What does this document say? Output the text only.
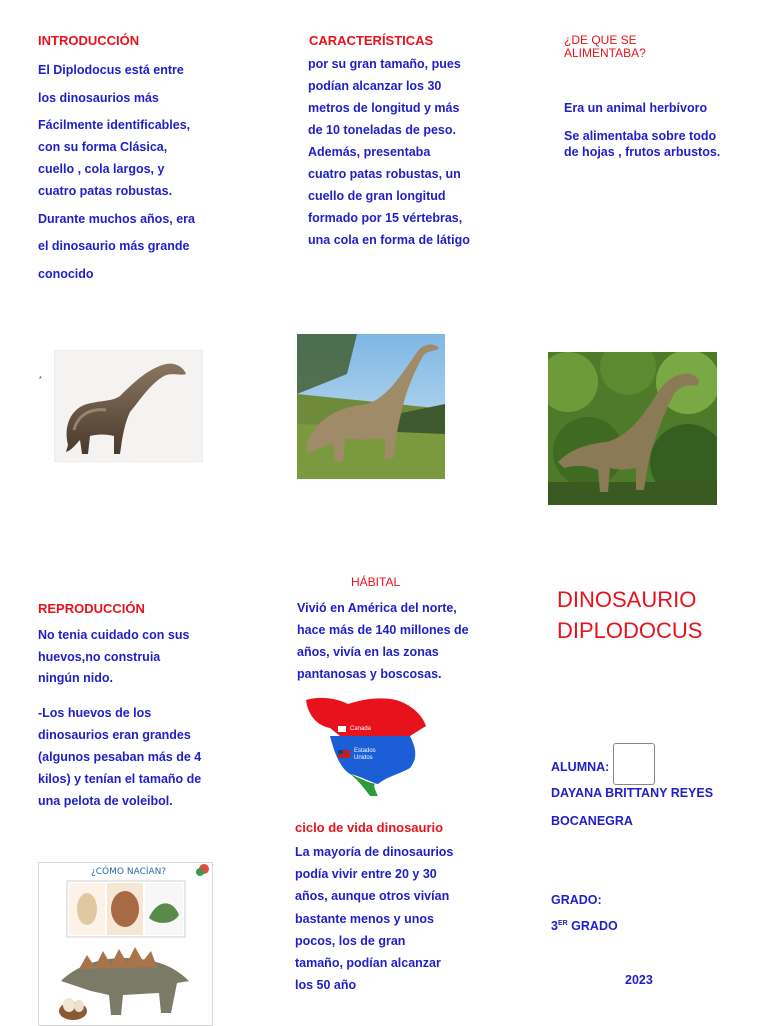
INTRODUCCIÓN
El Diplodocus está entre
los dinosaurios más
Fácilmente identificables,
con su forma Clásica,
cuello , cola largos, y
cuatro patas robustas.
Durante muchos años, era
el dinosaurio más grande
conocido
*
CARACTERÍSTICAS
por su gran tamaño, pues
podían alcanzar los 30
metros de longitud y más
de 10 toneladas de peso.
Además, presentaba
cuatro patas robustas, un
cuello de gran longitud
formado por 15 vértebras,
una cola en forma de látigo
¿DE QUE SE
ALIMENTABA?
Era un animal herbívoro
Se alimentaba sobre todo
de hojas , frutos arbustos.
REPRODUCCIÓN
No tenia cuidado con sus
huevos,no construia
ningún nido.
-Los huevos de los
dinosaurios eran grandes
(algunos pesaban más de 4
kilos) y tenían el tamaño de
una pelota de voleibol.
¿CÓMO NACÍAN?
HÁBITAL
Vivió en América del norte,
hace más de 140 millones de
años, vivía en las zonas
pantanosas y boscosas.
Canada
Estados
Unidos
ciclo de vida dinosaurio
La mayoría de dinosaurios
podía vivir entre 20 y 30
años, aunque otros vivían
bastante menos y unos
pocos, los de gran
tamaño, podían alcanzar
los 50 año
DINOSAURIO
DIPLODOCUS
ALUMNA:
DAYANA BRITTANY REYES
BOCANEGRA
GRADO:
3ER GRADO
2023
